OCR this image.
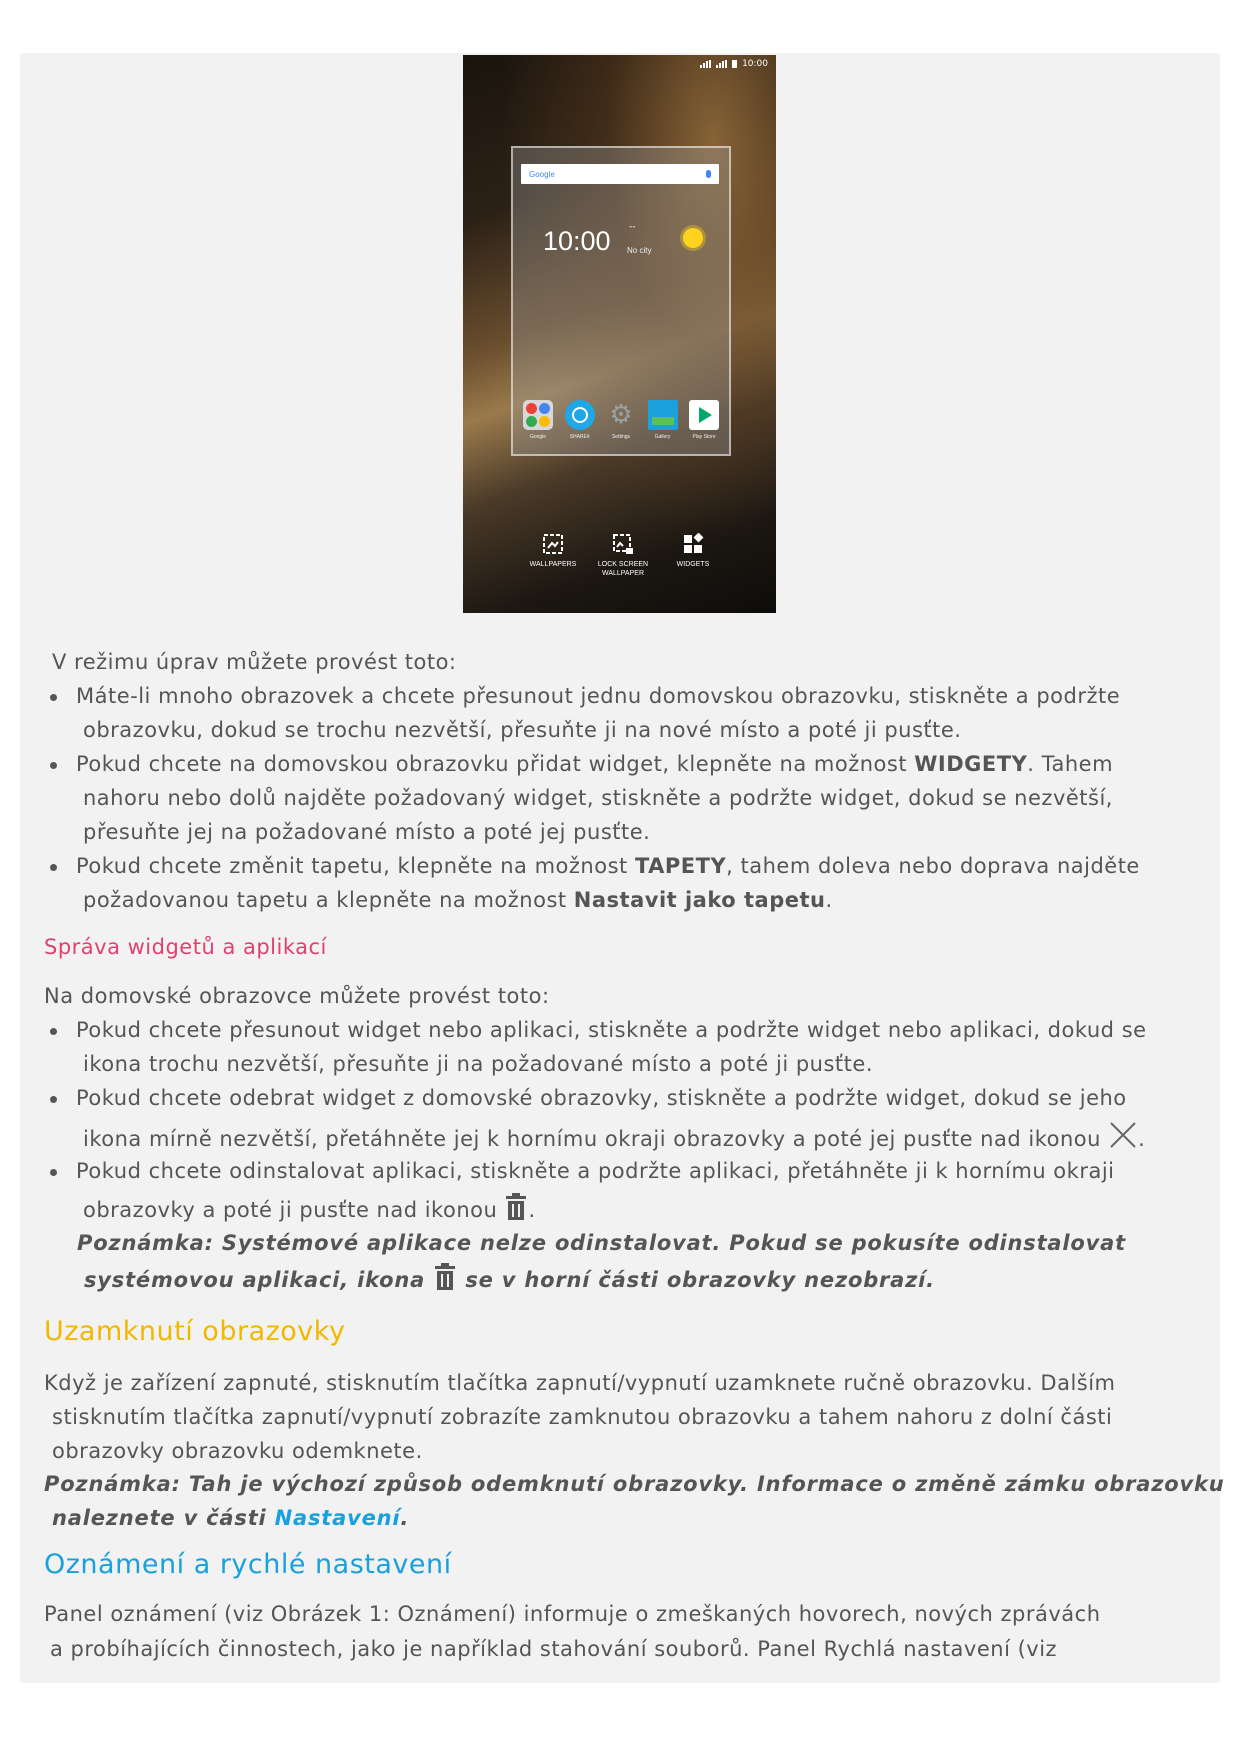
10:00
Google
10:00 --
No city
Google	SHAREit
⚙
Settings	Gallery	Play Store
WALLPAPERS	LOCK SCREEN
WALLPAPER
WIDGETS
V režimu úprav můžete provést toto:
Máte-li mnoho obrazovek a chcete přesunout jednu domovskou obrazovku, stiskněte a podržte
obrazovku, dokud se trochu nezvětší, přesuňte ji na nové místo a poté ji pusťte.
Pokud chcete na domovskou obrazovku přidat widget, klepněte na možnost WIDGETY. Tahem
nahoru nebo dolů najděte požadovaný widget, stiskněte a podržte widget, dokud se nezvětší,
přesuňte jej na požadované místo a poté jej pusťte.
Pokud chcete změnit tapetu, klepněte na možnost TAPETY, tahem doleva nebo doprava najděte
požadovanou tapetu a klepněte na možnost Nastavit jako tapetu.
Správa widgetů a aplikací
Na domovské obrazovce můžete provést toto:
Pokud chcete přesunout widget nebo aplikaci, stiskněte a podržte widget nebo aplikaci, dokud se
ikona trochu nezvětší, přesuňte ji na požadované místo a poté ji pusťte.
Pokud chcete odebrat widget z domovské obrazovky, stiskněte a podržte widget, dokud se jeho
ikona mírně nezvětší, přetáhněte jej k hornímu okraji obrazovky a poté jej pusťte nad ikonou .
Pokud chcete odinstalovat aplikaci, stiskněte a podržte aplikaci, přetáhněte ji k hornímu okraji
obrazovky a poté ji pusťte nad ikonou .
Poznámka: Systémové aplikace nelze odinstalovat. Pokud se pokusíte odinstalovat
systémovou aplikaci, ikona se v horní části obrazovky nezobrazí.
Uzamknutí obrazovky
Když je zařízení zapnuté, stisknutím tlačítka zapnutí/vypnutí uzamknete ručně obrazovku. Dalším
stisknutím tlačítka zapnutí/vypnutí zobrazíte zamknutou obrazovku a tahem nahoru z dolní části
obrazovky obrazovku odemknete.
Poznámka: Tah je výchozí způsob odemknutí obrazovky. Informace o změně zámku obrazovku
naleznete v části Nastavení.
Oznámení a rychlé nastavení
Panel oznámení (viz Obrázek 1: Oznámení) informuje o zmeškaných hovorech, nových zprávách
a probíhajících činnostech, jako je například stahování souborů. Panel Rychlá nastavení (viz
